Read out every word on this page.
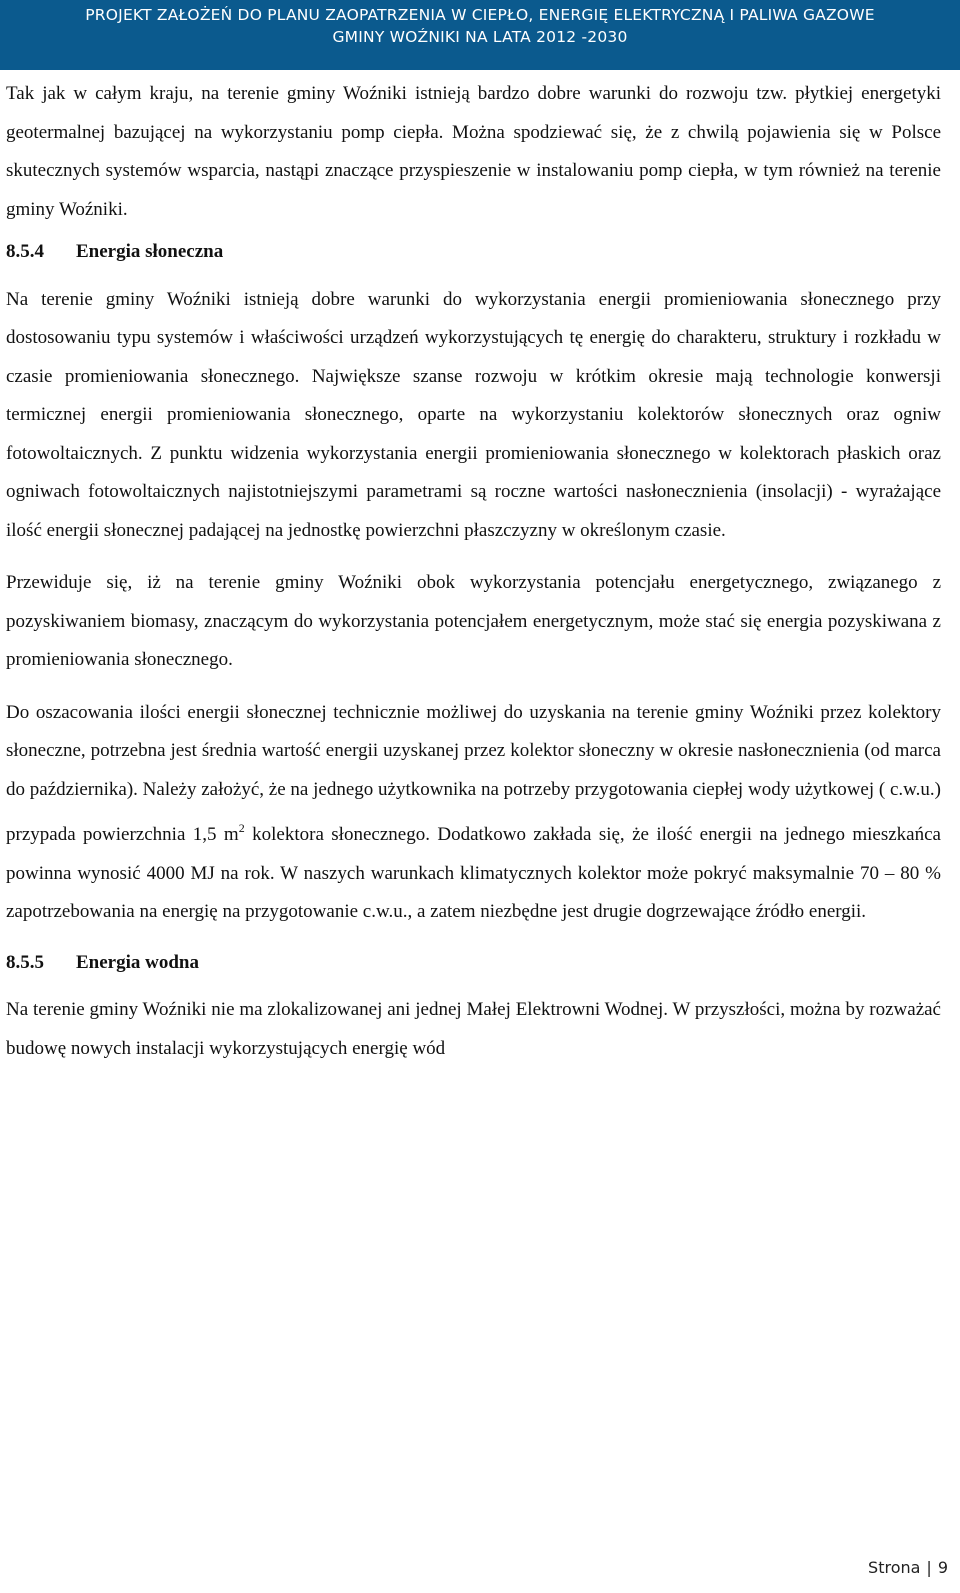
PROJEKT ZAŁOŻEŃ DO PLANU ZAOPATRZENIA W CIEPŁO, ENERGIĘ ELEKTRYCZNĄ I PALIWA GAZOWE
GMINY WOŹNIKI NA LATA 2012 -2030

Tak jak w całym kraju, na terenie gminy Woźniki istnieją bardzo dobre warunki do rozwoju tzw. płytkiej energetyki geotermalnej bazującej na wykorzystaniu pomp ciepła. Można spodziewać się, że z chwilą pojawienia się w Polsce skutecznych systemów wsparcia, nastąpi znaczące przyspieszenie w instalowaniu pomp ciepła, w tym również na terenie gminy Woźniki.

8.5.4 Energia słoneczna

Na terenie gminy Woźniki istnieją dobre warunki do wykorzystania energii promieniowania słonecznego przy dostosowaniu typu systemów i właściwości urządzeń wykorzystujących tę energię do charakteru, struktury i rozkładu w czasie promieniowania słonecznego. Największe szanse rozwoju w krótkim okresie mają technologie konwersji termicznej energii promieniowania słonecznego, oparte na wykorzystaniu kolektorów słonecznych oraz ogniw fotowoltaicznych. Z punktu widzenia wykorzystania energii promieniowania słonecznego w kolektorach płaskich oraz ogniwach fotowoltaicznych najistotniejszymi parametrami są roczne wartości nasłonecznienia (insolacji) - wyrażające ilość energii słonecznej padającej na jednostkę powierzchni płaszczyzny w określonym czasie.

Przewiduje się, iż na terenie gminy Woźniki obok wykorzystania potencjału energetycznego, związanego z pozyskiwaniem biomasy, znaczącym do wykorzystania potencjałem energetycznym, może stać się energia pozyskiwana z promieniowania słonecznego.

Do oszacowania ilości energii słonecznej technicznie możliwej do uzyskania na terenie gminy Woźniki przez kolektory słoneczne, potrzebna jest średnia wartość energii uzyskanej przez kolektor słoneczny w okresie nasłonecznienia (od marca do października). Należy założyć, że na jednego użytkownika na potrzeby przygotowania ciepłej wody użytkowej ( c.w.u.) przypada powierzchnia 1,5 $m^2$ kolektora słonecznego. Dodatkowo zakłada się, że ilość energii na jednego mieszkańca powinna wynosić 4000 MJ na rok. W naszych warunkach klimatycznych kolektor może pokryć maksymalnie 70 – 80 % zapotrzebowania na energię na przygotowanie c.w.u., a zatem niezbędne jest drugie dogrzewające źródło energii.

8.5.5 Energia wodna

Na terenie gminy Woźniki nie ma zlokalizowanej ani jednej Małej Elektrowni Wodnej. W przyszłości, można by rozważać budowę nowych instalacji wykorzystujących energię wód

Strona | 9
